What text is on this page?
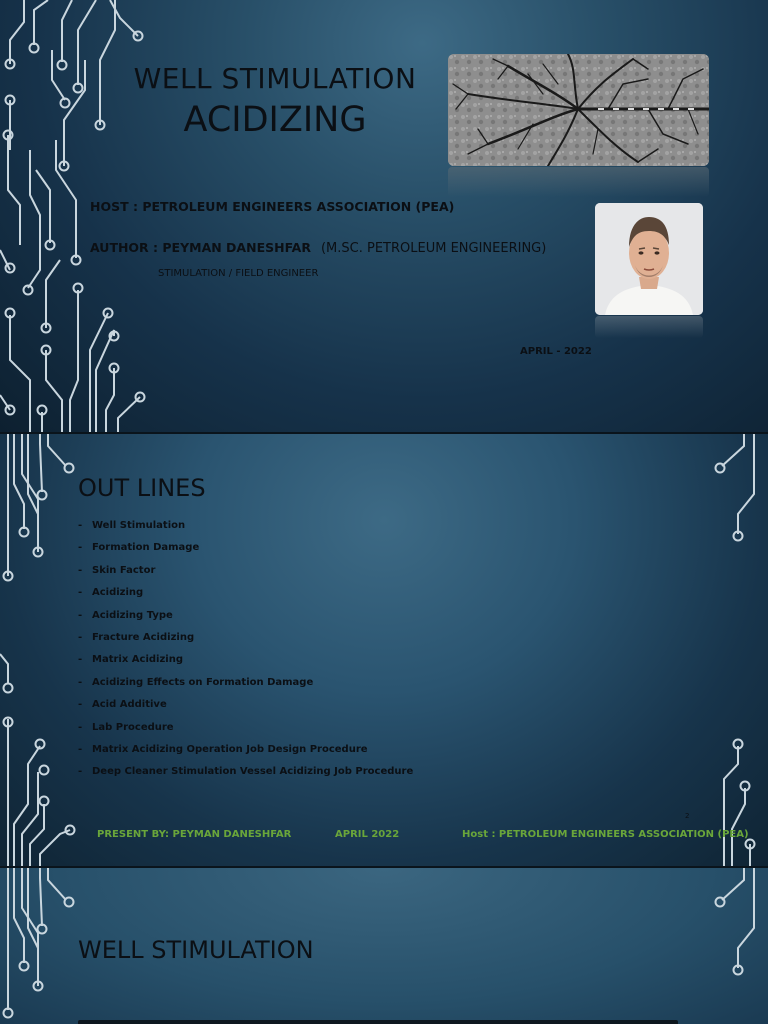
WELL STIMULATION
ACIDIZING
HOST : PETROLEUM ENGINEERS ASSOCIATION (PEA)
AUTHOR : PEYMAN DANESHFAR (M.SC. PETROLEUM ENGINEERING)
STIMULATION / FIELD ENGINEER
APRIL - 2022
OUT LINES
- Well Stimulation
- Formation Damage
- Skin Factor
- Acidizing
- Acidizing Type
- Fracture Acidizing
- Matrix Acidizing
- Acidizing Effects on Formation Damage
- Acid Additive
- Lab Procedure
- Matrix Acidizing Operation Job Design Procedure
- Deep Cleaner Stimulation Vessel Acidizing Job Procedure
2
PRESENT BY: PEYMAN DANESHFAR	APRIL 2022	Host : PETROLEUM ENGINEERS ASSOCIATION (PEA)
WELL STIMULATION
